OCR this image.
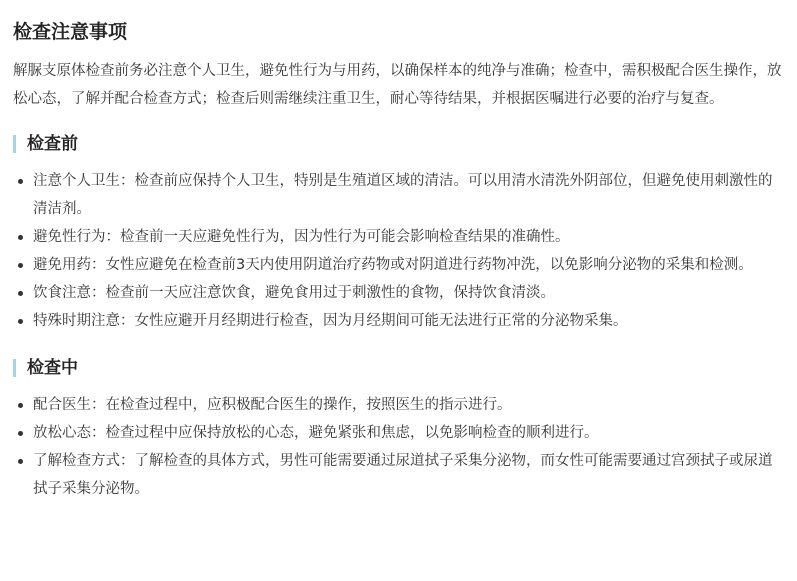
检查注意事项

解脲支原体检查前务必注意个人卫生，避免性行为与用药，以确保样本的纯净与准确；检查中，需积极配合医生操作，放松心态，了解并配合检查方式；检查后则需继续注重卫生，耐心等待结果，并根据医嘱进行必要的治疗与复查。

检查前
注意个人卫生：检查前应保持个人卫生，特别是生殖道区域的清洁。可以用清水清洗外阴部位，但避免使用刺激性的清洁剂。
避免性行为：检查前一天应避免性行为，因为性行为可能会影响检查结果的准确性。
避免用药：女性应避免在检查前3天内使用阴道治疗药物或对阴道进行药物冲洗，以免影响分泌物的采集和检测。
饮食注意：检查前一天应注意饮食，避免食用过于刺激性的食物，保持饮食清淡。
特殊时期注意：女性应避开月经期进行检查，因为月经期间可能无法进行正常的分泌物采集。
检查中
配合医生：在检查过程中，应积极配合医生的操作，按照医生的指示进行。
放松心态：检查过程中应保持放松的心态，避免紧张和焦虑，以免影响检查的顺利进行。
了解检查方式：了解检查的具体方式，男性可能需要通过尿道拭子采集分泌物，而女性可能需要通过宫颈拭子或尿道拭子采集分泌物。
